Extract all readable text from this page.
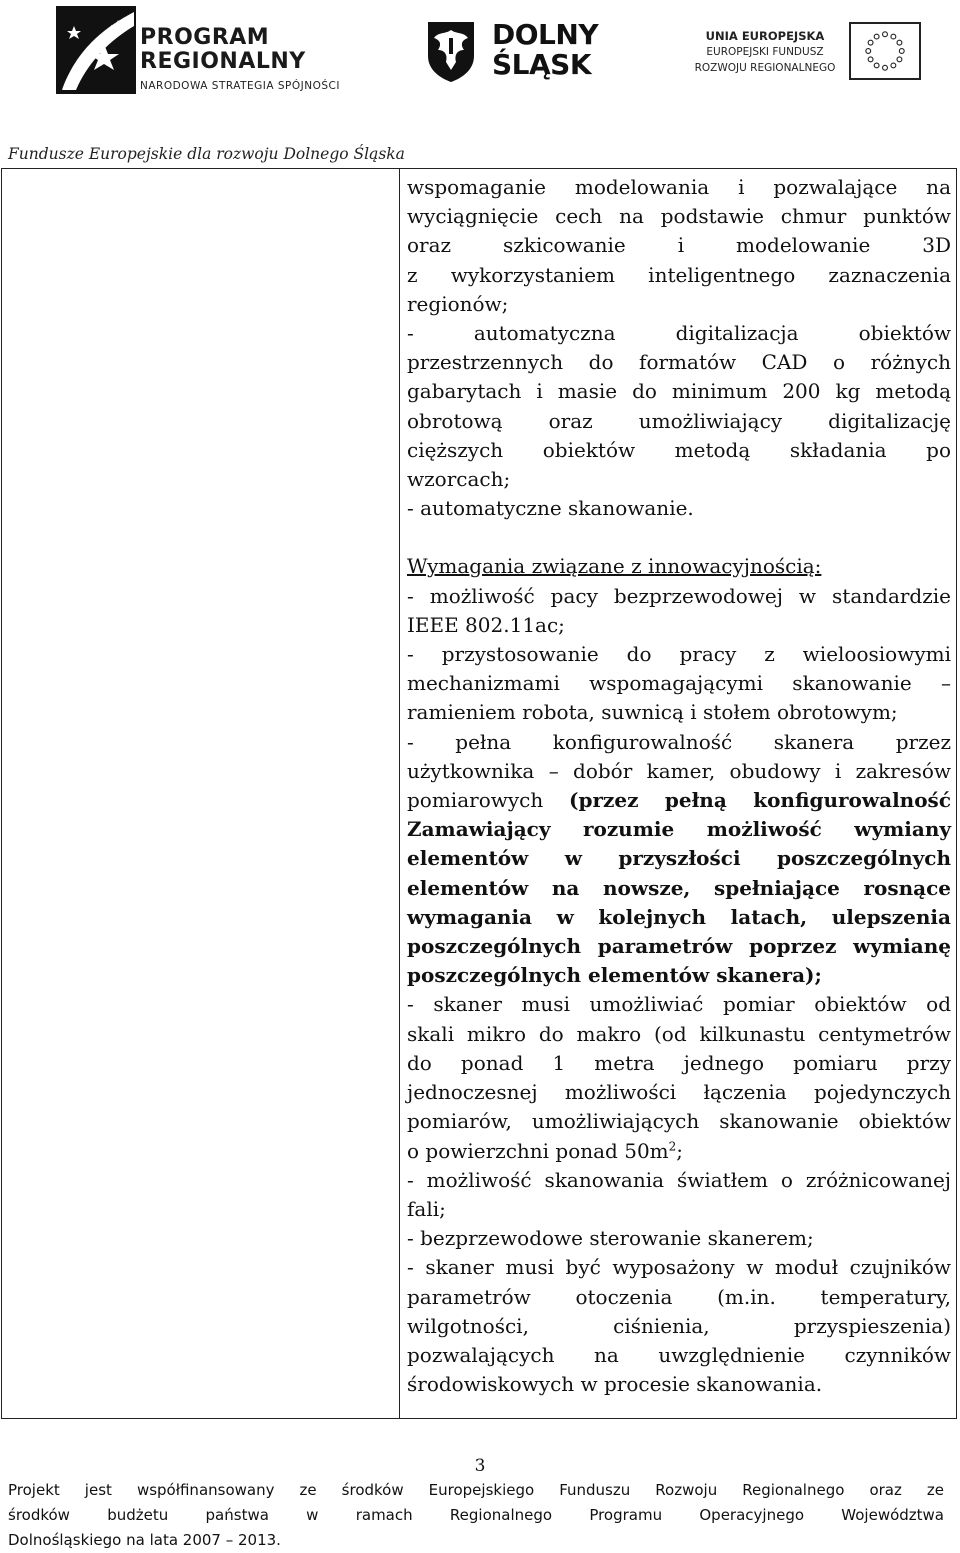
PROGRAM
REGIONALNY
NARODOWA STRATEGIA SPÓJNOŚCI
DOLNY
ŚLĄSK
UNIA EUROPEJSKA
EUROPEJSKI FUNDUSZ
ROZWOJU REGIONALNEGO
Fundusze Europejskie dla rozwoju Dolnego Śląska

wspomaganie modelowania i pozwalające na

wyciągnięcie cech na podstawie chmur punktów

oraz szkicowanie i modelowanie 3D

z wykorzystaniem inteligentnego zaznaczenia

regionów;

- automatyczna digitalizacja obiektów

przestrzennych do formatów CAD o różnych

gabarytach i masie do minimum 200 kg metodą

obrotową oraz umożliwiający digitalizację

cięższych obiektów metodą składania po

wzorcach;

- automatyczne skanowanie.

Wymagania związane z innowacyjnością:

- możliwość pacy bezprzewodowej w standardzie

IEEE 802.11ac;

- przystosowanie do pracy z wieloosiowymi

mechanizmami wspomagającymi skanowanie –

ramieniem robota, suwnicą i stołem obrotowym;

- pełna konfigurowalność skanera przez

użytkownika – dobór kamer, obudowy i zakresów

pomiarowych (przez pełną konfigurowalność

Zamawiający rozumie możliwość wymiany

elementów w przyszłości poszczególnych

elementów na nowsze, spełniające rosnące

wymagania w kolejnych latach, ulepszenia

poszczególnych parametrów poprzez wymianę

poszczególnych elementów skanera);

- skaner musi umożliwiać pomiar obiektów od

skali mikro do makro (od kilkunastu centymetrów

do ponad 1 metra jednego pomiaru przy

jednoczesnej możliwości łączenia pojedynczych

pomiarów, umożliwiających skanowanie obiektów

o powierzchni ponad $50m^2$;

- możliwość skanowania światłem o zróżnicowanej

fali;

- bezprzewodowe sterowanie skanerem;

- skaner musi być wyposażony w moduł czujników

parametrów otoczenia (m.in. temperatury,

wilgotności, ciśnienia, przyspieszenia)

pozwalających na uwzględnienie czynników

środowiskowych w procesie skanowania.

3
Projekt jest współfinansowany ze środków Europejskiego Funduszu Rozwoju Regionalnego oraz ze
środków budżetu państwa w ramach Regionalnego Programu Operacyjnego Województwa
Dolnośląskiego na lata 2007 – 2013.
